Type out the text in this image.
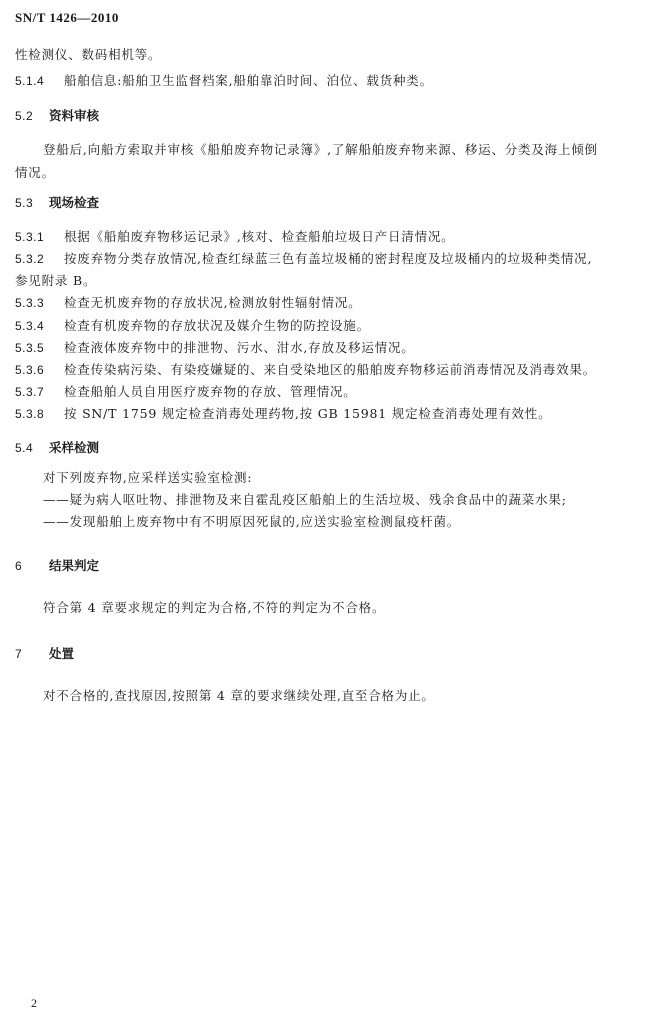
SN/T 1426—2010
性检测仪、数码相机等。
5.1.4 船舶信息:船舶卫生监督档案,船舶靠泊时间、泊位、载货种类。
5.2 资料审核
登船后,向船方索取并审核《船舶废弃物记录簿》,了解船舶废弃物来源、移运、分类及海上倾倒
情况。
5.3 现场检查
5.3.1 根据《船舶废弃物移运记录》,核对、检查船舶垃圾日产日清情况。
5.3.2 按废弃物分类存放情况,检查红绿蓝三色有盖垃圾桶的密封程度及垃圾桶内的垃圾种类情况,
参见附录 B。
5.3.3 检查无机废弃物的存放状况,检测放射性辐射情况。
5.3.4 检查有机废弃物的存放状况及媒介生物的防控设施。
5.3.5 检查液体废弃物中的排泄物、污水、泔水,存放及移运情况。
5.3.6 检查传染病污染、有染疫嫌疑的、来自受染地区的船舶废弃物移运前消毒情况及消毒效果。
5.3.7 检查船舶人员自用医疗废弃物的存放、管理情况。
5.3.8 按 SN/T 1759 规定检查消毒处理药物,按 GB 15981 规定检查消毒处理有效性。
5.4 采样检测
对下列废弃物,应采样送实验室检测:
——疑为病人呕吐物、排泄物及来自霍乱疫区船舶上的生活垃圾、残余食品中的蔬菜水果;
——发现船舶上废弃物中有不明原因死鼠的,应送实验室检测鼠疫杆菌。
6 结果判定
符合第 4 章要求规定的判定为合格,不符的判定为不合格。
7 处置
对不合格的,查找原因,按照第 4 章的要求继续处理,直至合格为止。
2
